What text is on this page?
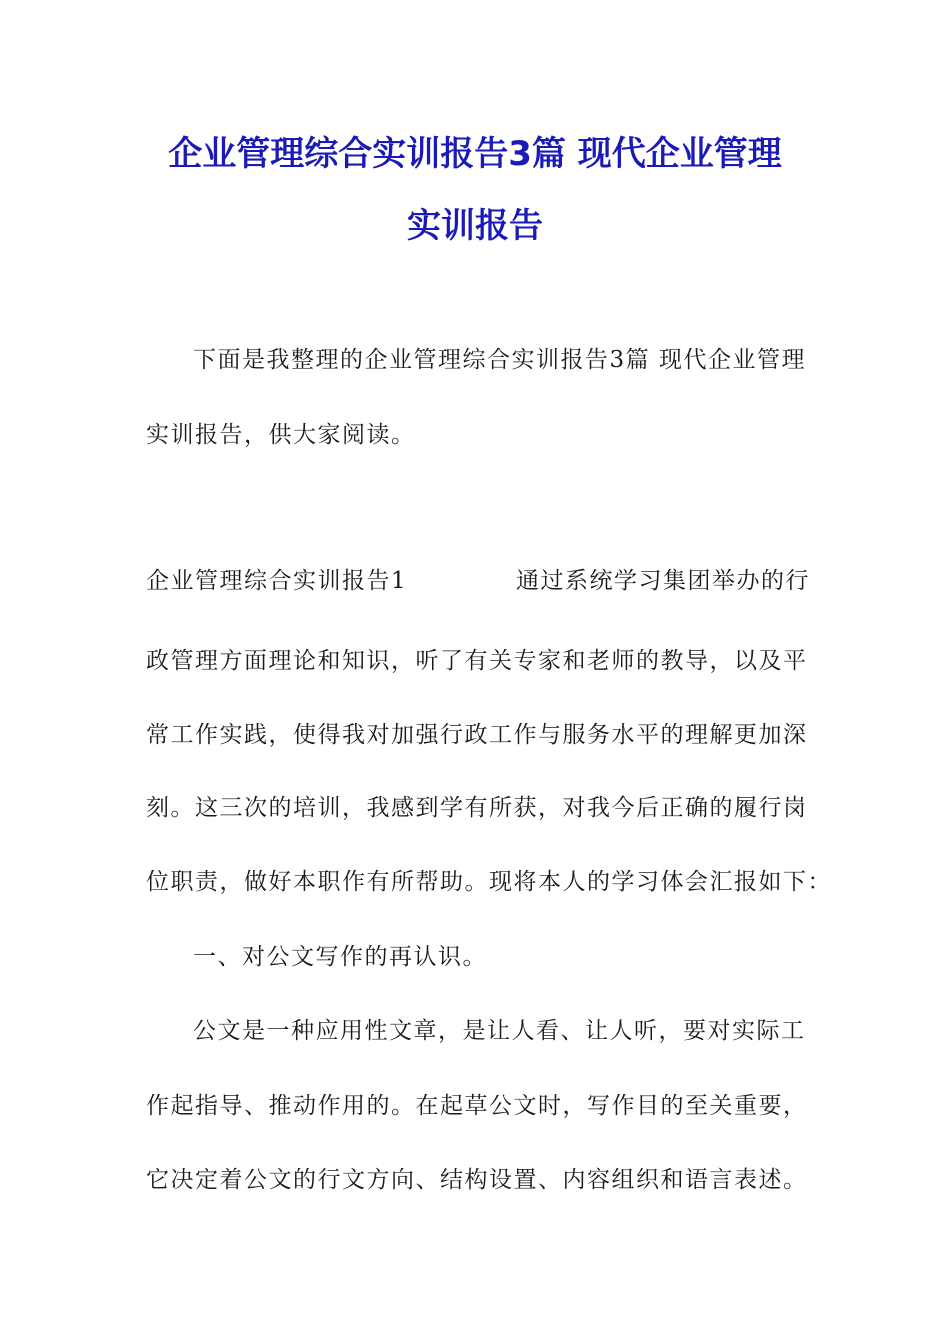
企业管理综合实训报告3篇 现代企业管理
实训报告
下面是我整理的企业管理综合实训报告3篇 现代企业管理
实训报告，供大家阅读。
企业管理综合实训报告1	通过系统学习集团举办的行
政管理方面理论和知识，听了有关专家和老师的教导，以及平
常工作实践，使得我对加强行政工作与服务水平的理解更加深
刻。这三次的培训，我感到学有所获，对我今后正确的履行岗
位职责，做好本职作有所帮助。现将本人的学习体会汇报如下：
一、对公文写作的再认识。
公文是一种应用性文章，是让人看、让人听，要对实际工
作起指导、推动作用的。在起草公文时，写作目的至关重要，
它决定着公文的行文方向、结构设置、内容组织和语言表述。
